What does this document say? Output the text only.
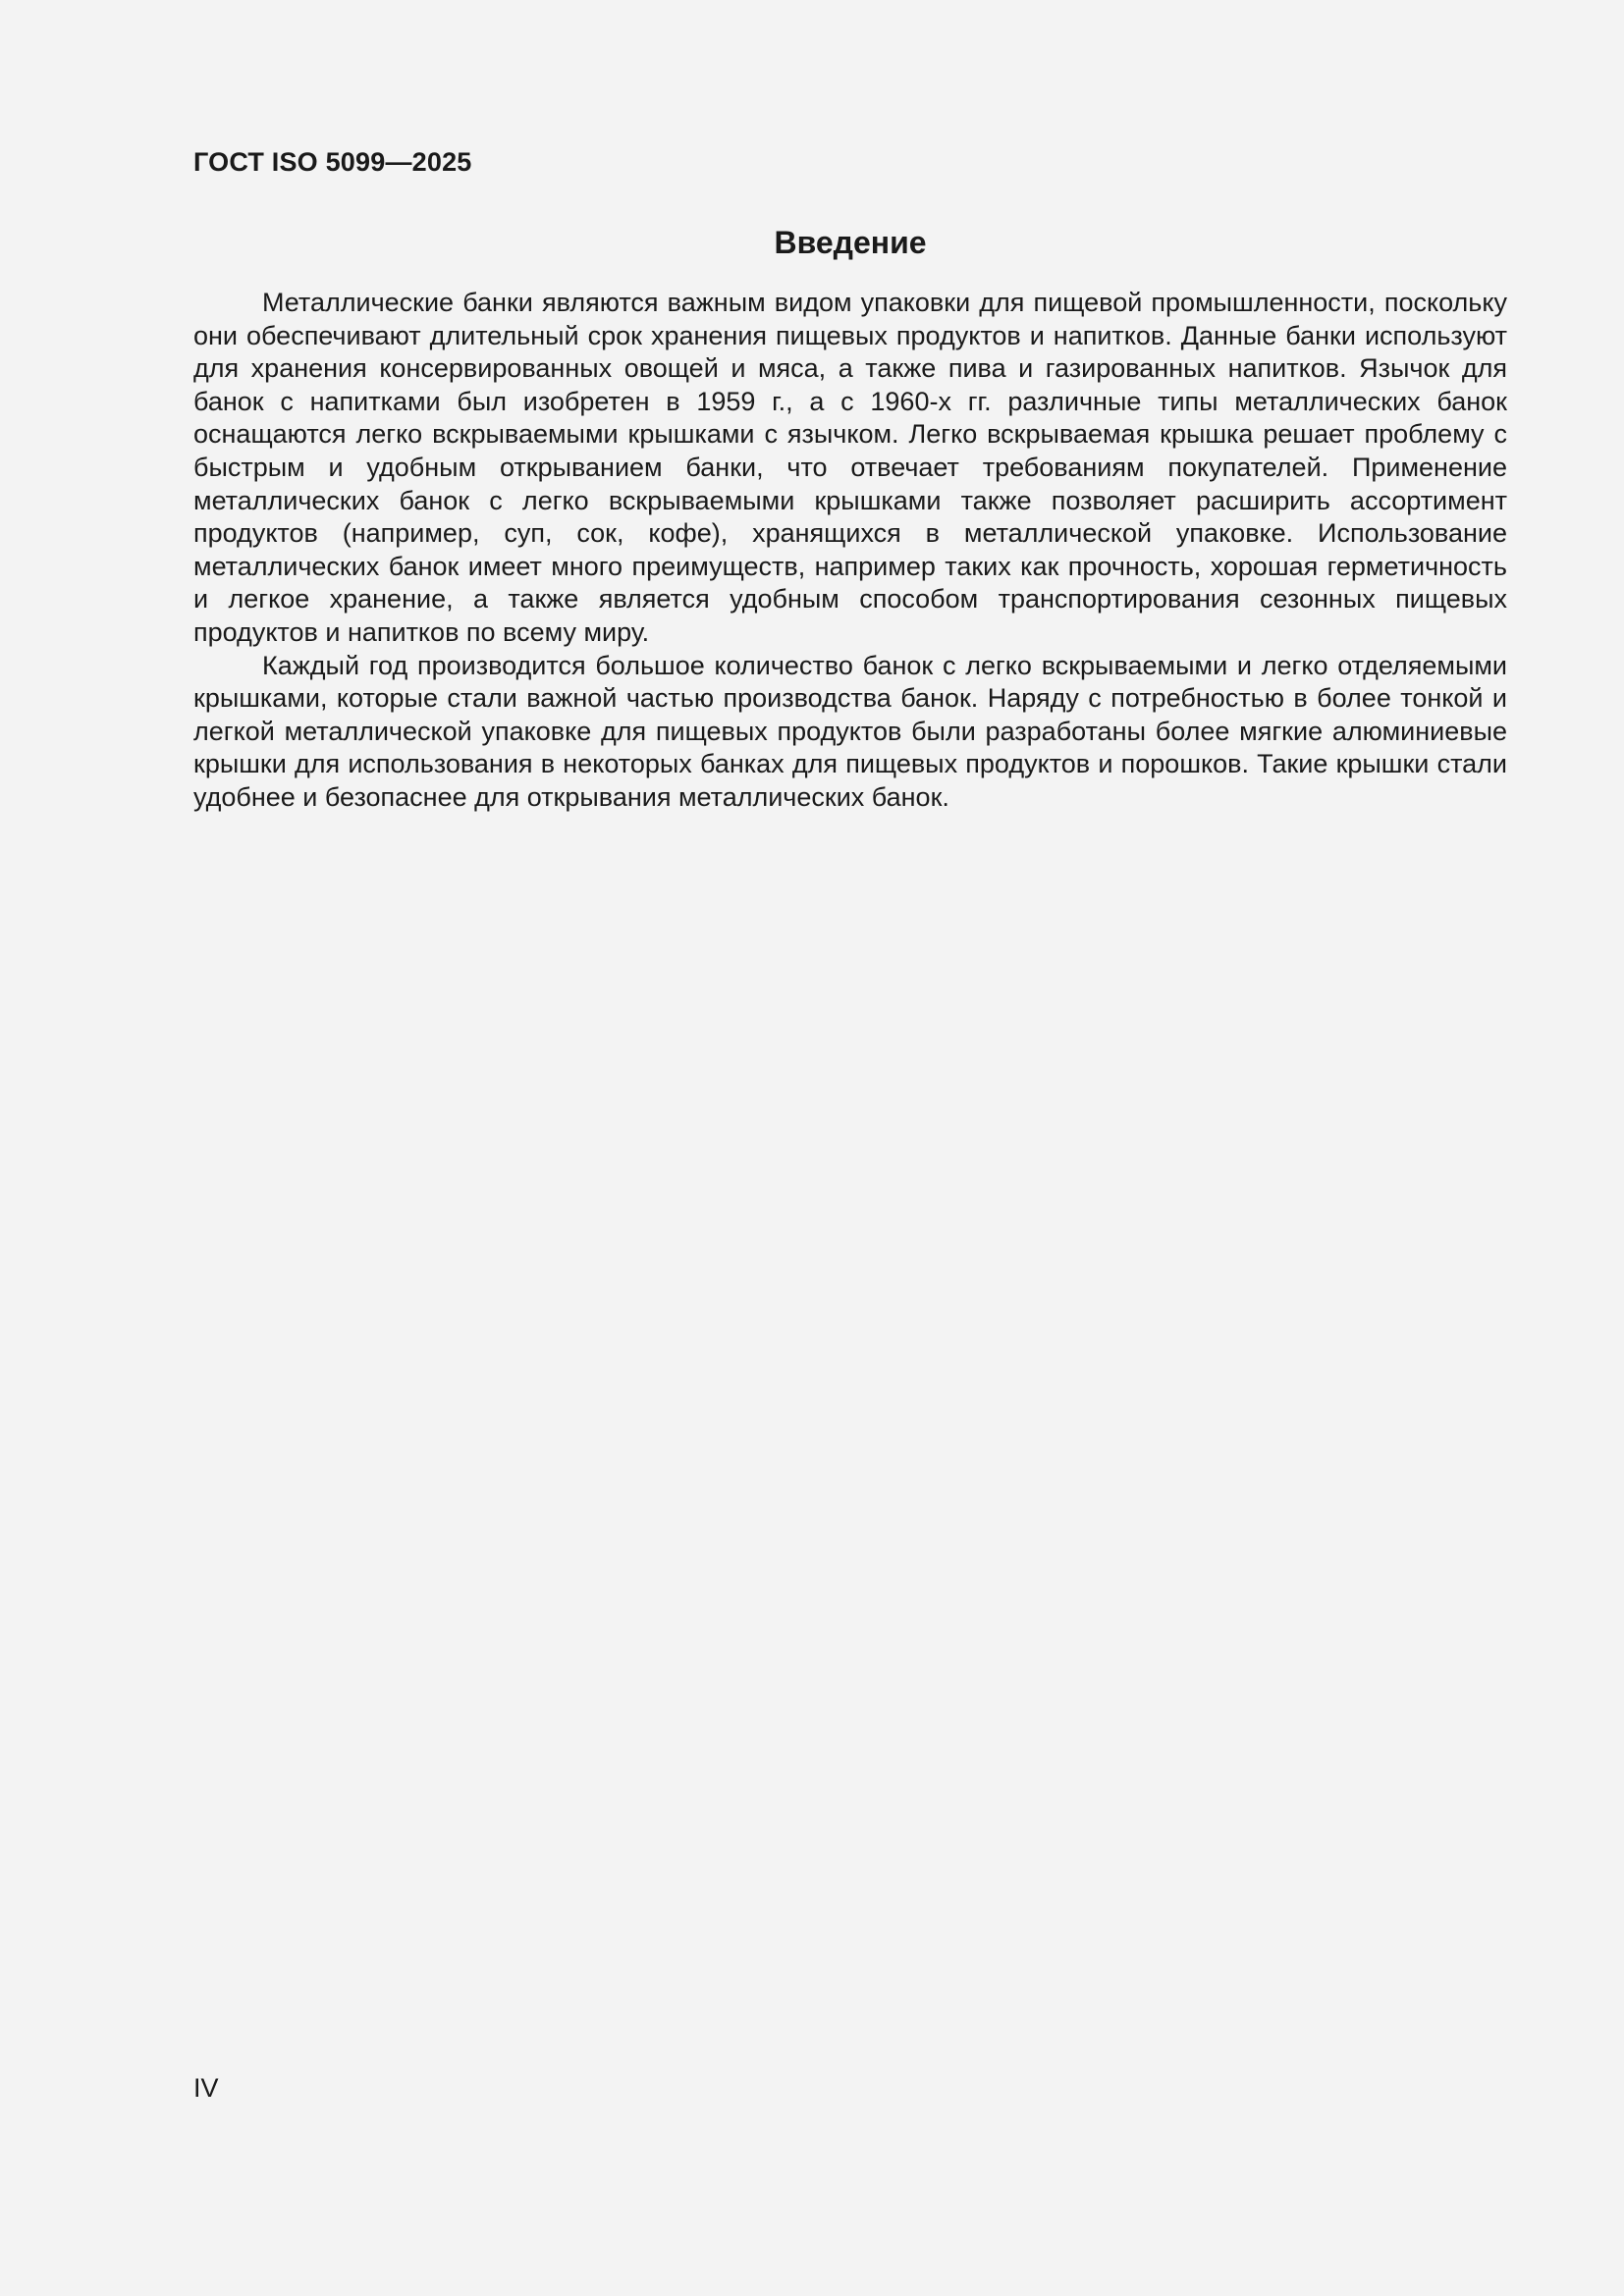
ГОСТ ISO 5099—2025

Введение

Металлические банки являются важным видом упаковки для пищевой промышленности, поскольку они обеспечивают длительный срок хранения пищевых продуктов и напитков. Данные банки используют для хранения консервированных овощей и мяса, а также пива и газированных напитков. Язычок для банок с напитками был изобретен в 1959 г., а с 1960-х гг. различные типы металлических банок оснащаются легко вскрываемыми крышками с язычком. Легко вскрываемая крышка решает проблему с быстрым и удобным открыванием банки, что отвечает требованиям покупателей. Применение металлических банок с легко вскрываемыми крышками также позволяет расширить ассортимент продуктов (например, суп, сок, кофе), хранящихся в металлической упаковке. Использование металлических банок имеет много преимуществ, например таких как прочность, хорошая герметичность и легкое хранение, а также является удобным способом транспортирования сезонных пищевых продуктов и напитков по всему миру.

Каждый год производится большое количество банок с легко вскрываемыми и легко отделяемыми крышками, которые стали важной частью производства банок. Наряду с потребностью в более тонкой и легкой металлической упаковке для пищевых продуктов были разработаны более мягкие алюминиевые крышки для использования в некоторых банках для пищевых продуктов и порошков. Такие крышки стали удобнее и безопаснее для открывания металлических банок.

IV
